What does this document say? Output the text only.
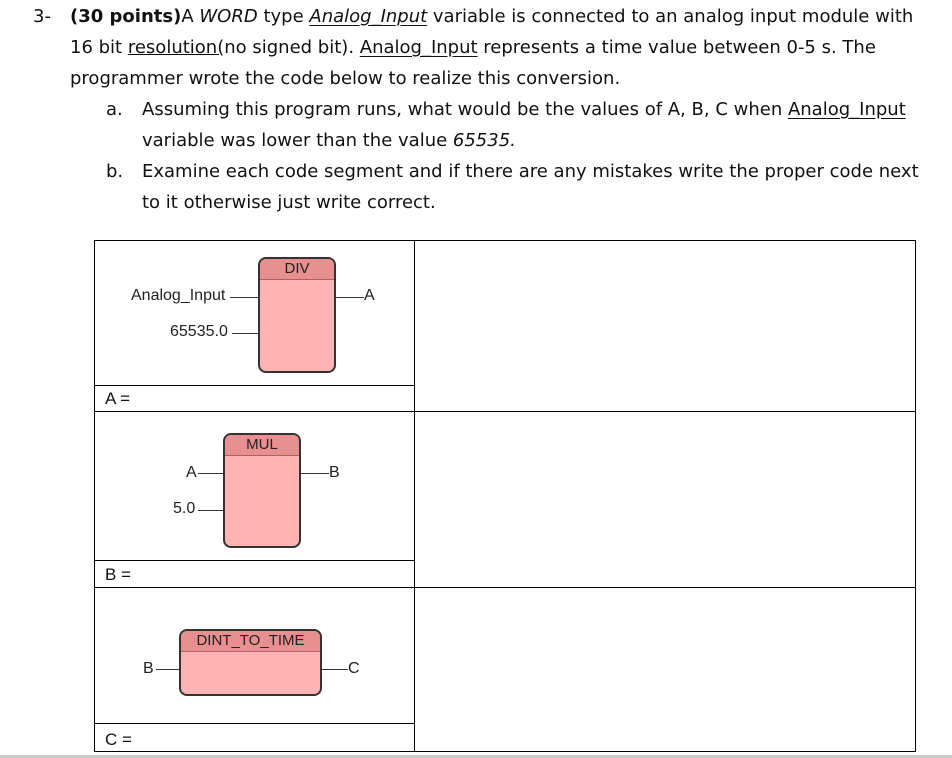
3- (30 points)A WORD type Analog_Input variable is connected to an analog input module with
16 bit resolution(no signed bit). Analog_Input represents a time value between 0-5 s. The
programmer wrote the code below to realize this conversion.
a. Assuming this program runs, what would be the values of A, B, C when Analog_Input
variable was lower than the value 65535.
b. Examine each code segment and if there are any mistakes write the proper code next
to it otherwise just write correct.
Analog_Input
65535.0
DIV
A
A =
A
5.0
MUL
B
B =
B
DINT_TO_TIME
C
C =
